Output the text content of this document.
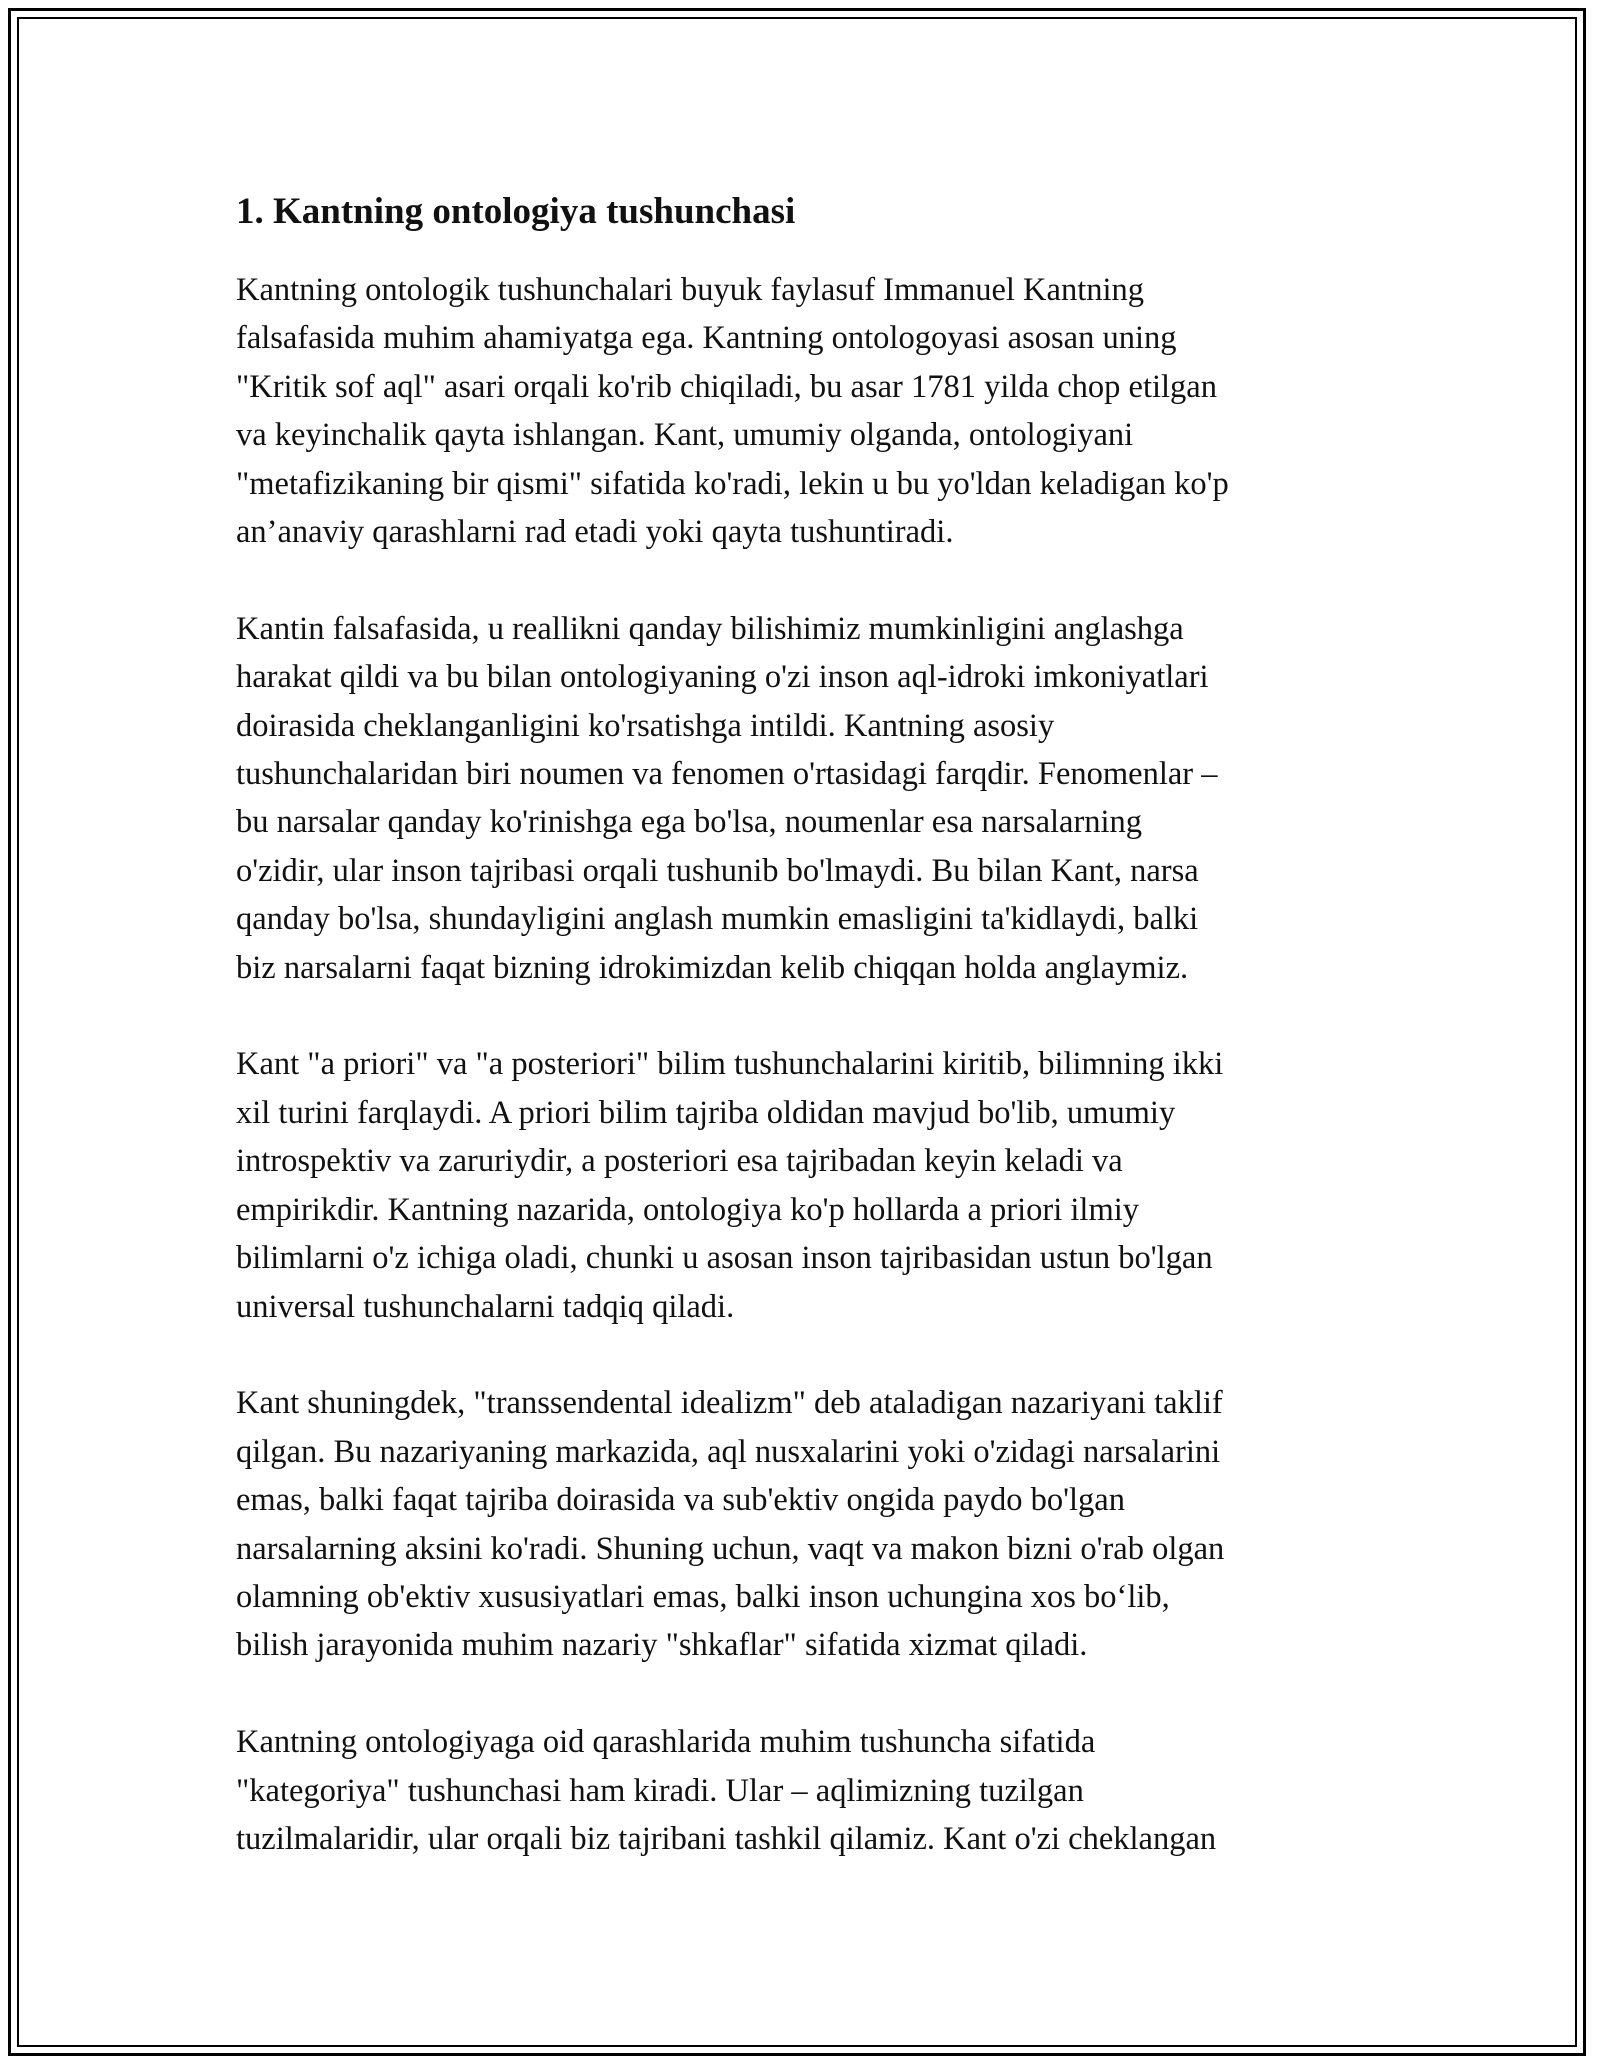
1. Kantning ontologiya tushunchasi

Kantning ontologik tushunchalari buyuk faylasuf Immanuel Kantning
falsafasida muhim ahamiyatga ega. Kantning ontologoyasi asosan uning
"Kritik sof aql" asari orqali ko'rib chiqiladi, bu asar 1781 yilda chop etilgan
va keyinchalik qayta ishlangan. Kant, umumiy olganda, ontologiyani
"metafizikaning bir qismi" sifatida ko'radi, lekin u bu yo'ldan keladigan ko'p
an’anaviy qarashlarni rad etadi yoki qayta tushuntiradi.

Kantin falsafasida, u reallikni qanday bilishimiz mumkinligini anglashga
harakat qildi va bu bilan ontologiyaning o'zi inson aql-idroki imkoniyatlari
doirasida cheklanganligini ko'rsatishga intildi. Kantning asosiy
tushunchalaridan biri noumen va fenomen o'rtasidagi farqdir. Fenomenlar –
bu narsalar qanday ko'rinishga ega bo'lsa, noumenlar esa narsalarning
o'zidir, ular inson tajribasi orqali tushunib bo'lmaydi. Bu bilan Kant, narsa
qanday bo'lsa, shundayligini anglash mumkin emasligini ta'kidlaydi, balki
biz narsalarni faqat bizning idrokimizdan kelib chiqqan holda anglaymiz.

Kant "a priori" va "a posteriori" bilim tushunchalarini kiritib, bilimning ikki
xil turini farqlaydi. A priori bilim tajriba oldidan mavjud bo'lib, umumiy
introspektiv va zaruriydir, a posteriori esa tajribadan keyin keladi va
empirikdir. Kantning nazarida, ontologiya ko'p hollarda a priori ilmiy
bilimlarni o'z ichiga oladi, chunki u asosan inson tajribasidan ustun bo'lgan
universal tushunchalarni tadqiq qiladi.

Kant shuningdek, "transsendental idealizm" deb ataladigan nazariyani taklif
qilgan. Bu nazariyaning markazida, aql nusxalarini yoki o'zidagi narsalarini
emas, balki faqat tajriba doirasida va sub'ektiv ongida paydo bo'lgan
narsalarning aksini ko'radi. Shuning uchun, vaqt va makon bizni o'rab olgan
olamning ob'ektiv xususiyatlari emas, balki inson uchungina xos bo‘lib,
bilish jarayonida muhim nazariy "shkaflar" sifatida xizmat qiladi.

Kantning ontologiyaga oid qarashlarida muhim tushuncha sifatida
"kategoriya" tushunchasi ham kiradi. Ular – aqlimizning tuzilgan
tuzilmalaridir, ular orqali biz tajribani tashkil qilamiz. Kant o'zi cheklangan
